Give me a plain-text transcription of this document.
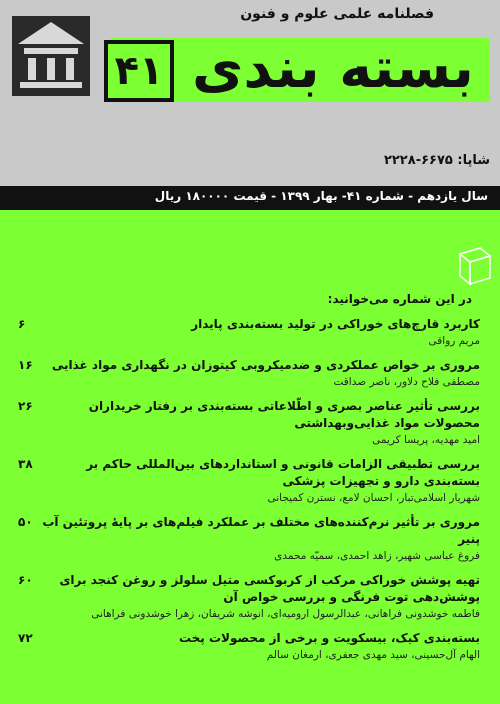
فصلنامه علمی علوم و فنون
بسته بندی
۴۱
شاپا: ۶۶۷۵-۲۲۲۸
سال یازدهم - شماره ۴۱- بهار ۱۳۹۹ - قیمت ۱۸۰۰۰۰ ریال
در این شماره می‌خوانید:
۶	کاربرد قارچ‌های خوراکی در تولید بسته‌بندی پایدار
مریم رواقی
۱۶ مروری بر خواص عملکردی و ضدمیکروبی کیتوزان در نگهداری مواد غذایی
مصطفی فلاح دلاور، ناصر صداقت
۲۶	بررسی تأثیر عناصر بصری و اطّلاعاتی بسته‌بندی بر رفتار خریداران محصولات مواد غذایی‌وبهداشتی
امید مهدیه، پریسا کریمی
۳۸	بررسی تطبیقی الزامات قانونی و استانداردهای بین‌المللی حاکم بر بسته‌بندی دارو و تجهیزات پزشکی
شهریار اسلامی‌تبار، احسان لامع، نسترن کمیجانی
۵۰ مروری بر تأثیر نرم‌کننده‌های مختلف بر عملکرد فیلم‌های بر پایهٔ پروتئین آب پنیر
فروغ عباسی شهیر، زاهد احمدی، سمیّه محمدی
۶۰ تهیه پوشش خوراکی مرکب از کربوکسی متیل سلولز و روغن کنجد برای پوشش‌دهی توت فرنگی و بررسی خواص آن
فاطمه خوشدونی فراهانی، عبدالرسول ارومیه‌ای، انوشه شریفان، زهرا خوشدونی فراهانی
۷۲	بسته‌بندی کیک، بیسکویت و برخی از محصولات پخت
الهام آل‌حسینی، سید مهدی جعفری، ارمغان سالم
